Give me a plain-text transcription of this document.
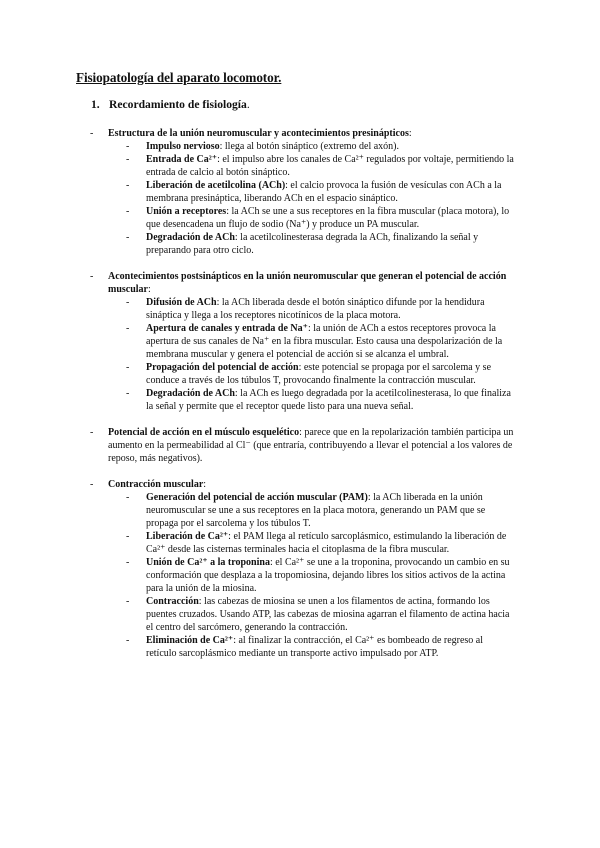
Fisiopatología del aparato locomotor.
1. Recordamiento de fisiología.
-	Estructura de la unión neuromuscular y acontecimientos presinápticos:
-	Impulso nervioso: llega al botón sináptico (extremo del axón).
-	Entrada de Ca²⁺: el impulso abre los canales de Ca²⁺ regulados por voltaje, permitiendo la entrada de calcio al botón sináptico.
-	Liberación de acetilcolina (ACh): el calcio provoca la fusión de vesículas con ACh a la membrana presináptica, liberando ACh en el espacio sináptico.
-	Unión a receptores: la ACh se une a sus receptores en la fibra muscular (placa motora), lo que desencadena un flujo de sodio (Na⁺) y produce un PA muscular.
-	Degradación de ACh: la acetilcolinesterasa degrada la ACh, finalizando la señal y preparando para otro ciclo.
-	Acontecimientos postsinápticos en la unión neuromuscular que generan el potencial de acción muscular:
-	Difusión de ACh: la ACh liberada desde el botón sináptico difunde por la hendidura sináptica y llega a los receptores nicotínicos de la placa motora.
-	Apertura de canales y entrada de Na⁺: la unión de ACh a estos receptores provoca la apertura de sus canales de Na⁺ en la fibra muscular. Esto causa una despolarización de la membrana muscular y genera el potencial de acción si se alcanza el umbral.
-	Propagación del potencial de acción: este potencial se propaga por el sarcolema y se conduce a través de los túbulos T, provocando finalmente la contracción muscular.
-	Degradación de ACh: la ACh es luego degradada por la acetilcolinesterasa, lo que finaliza la señal y permite que el receptor quede listo para una nueva señal.
-	Potencial de acción en el músculo esquelético: parece que en la repolarización también participa un aumento en la permeabilidad al Cl⁻ (que entraría, contribuyendo a llevar el potencial a los valores de reposo, más negativos).
-	Contracción muscular:
-	Generación del potencial de acción muscular (PAM): la ACh liberada en la unión neuromuscular se une a sus receptores en la placa motora, generando un PAM que se propaga por el sarcolema y los túbulos T.
-	Liberación de Ca²⁺: el PAM llega al retículo sarcoplásmico, estimulando la liberación de Ca²⁺ desde las cisternas terminales hacia el citoplasma de la fibra muscular.
-	Unión de Ca²⁺ a la troponina: el Ca²⁺ se une a la troponina, provocando un cambio en su conformación que desplaza a la tropomiosina, dejando libres los sitios activos de la actina para la unión de la miosina.
-	Contracción: las cabezas de miosina se unen a los filamentos de actina, formando los puentes cruzados. Usando ATP, las cabezas de miosina agarran el filamento de actina hacia el centro del sarcómero, generando la contracción.
-	Eliminación de Ca²⁺: al finalizar la contracción, el Ca²⁺ es bombeado de regreso al retículo sarcoplásmico mediante un transporte activo impulsado por ATP.
